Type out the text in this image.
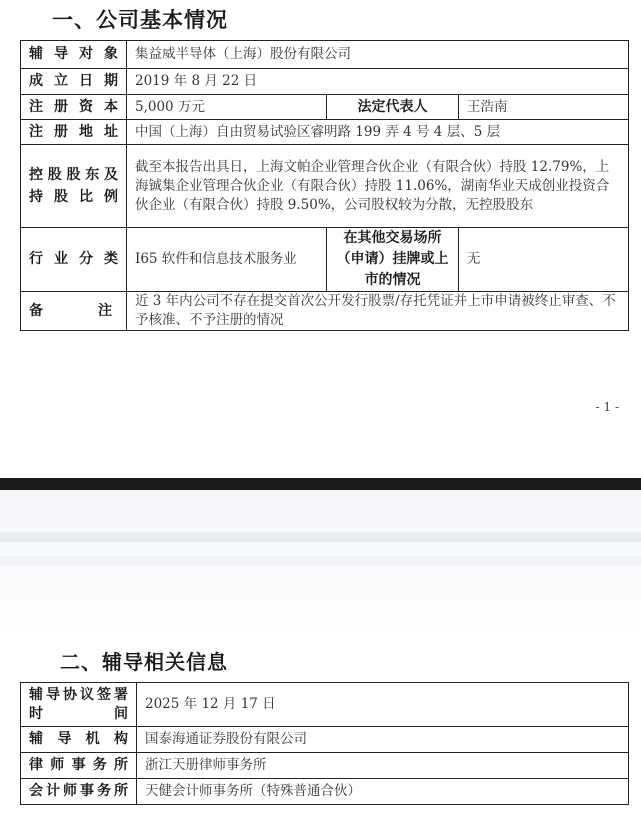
一、公司基本情况
辅导对象	集益威半导体（上海）股份有限公司		
成立日期	2019 年 8 月 22 日		
注册资本	5,000 万元	法定代表人	王浩南
注册地址	中国（上海）自由贸易试验区睿明路 199 弄 4 号 4 层、5 层		

控股股东及
持股比例	截至本报告出具日，上海文帕企业管理合伙企业（有限合伙）持股 12.79%，上海铖集企业管理合伙企业（有限合伙）持股 11.06%，湖南华业天成创业投资合伙企业（有限合伙）持股 9.50%，公司股权较为分散，无控股股东		
行业分类	I65 软件和信息技术服务业	在其他交易场所（申请）挂牌或上市的情况	无
备注	近 3 年内公司不存在提交首次公开发行股票/存托凭证并上市申请被终止审查、不予核准、不予注册的情况		
- 1 -
二、辅导相关信息
辅导协议签署
时间	2025 年 12 月 17 日
辅导机构	国泰海通证券股份有限公司
律师事务所	浙江天册律师事务所
会计师事务所	天健会计师事务所（特殊普通合伙）
